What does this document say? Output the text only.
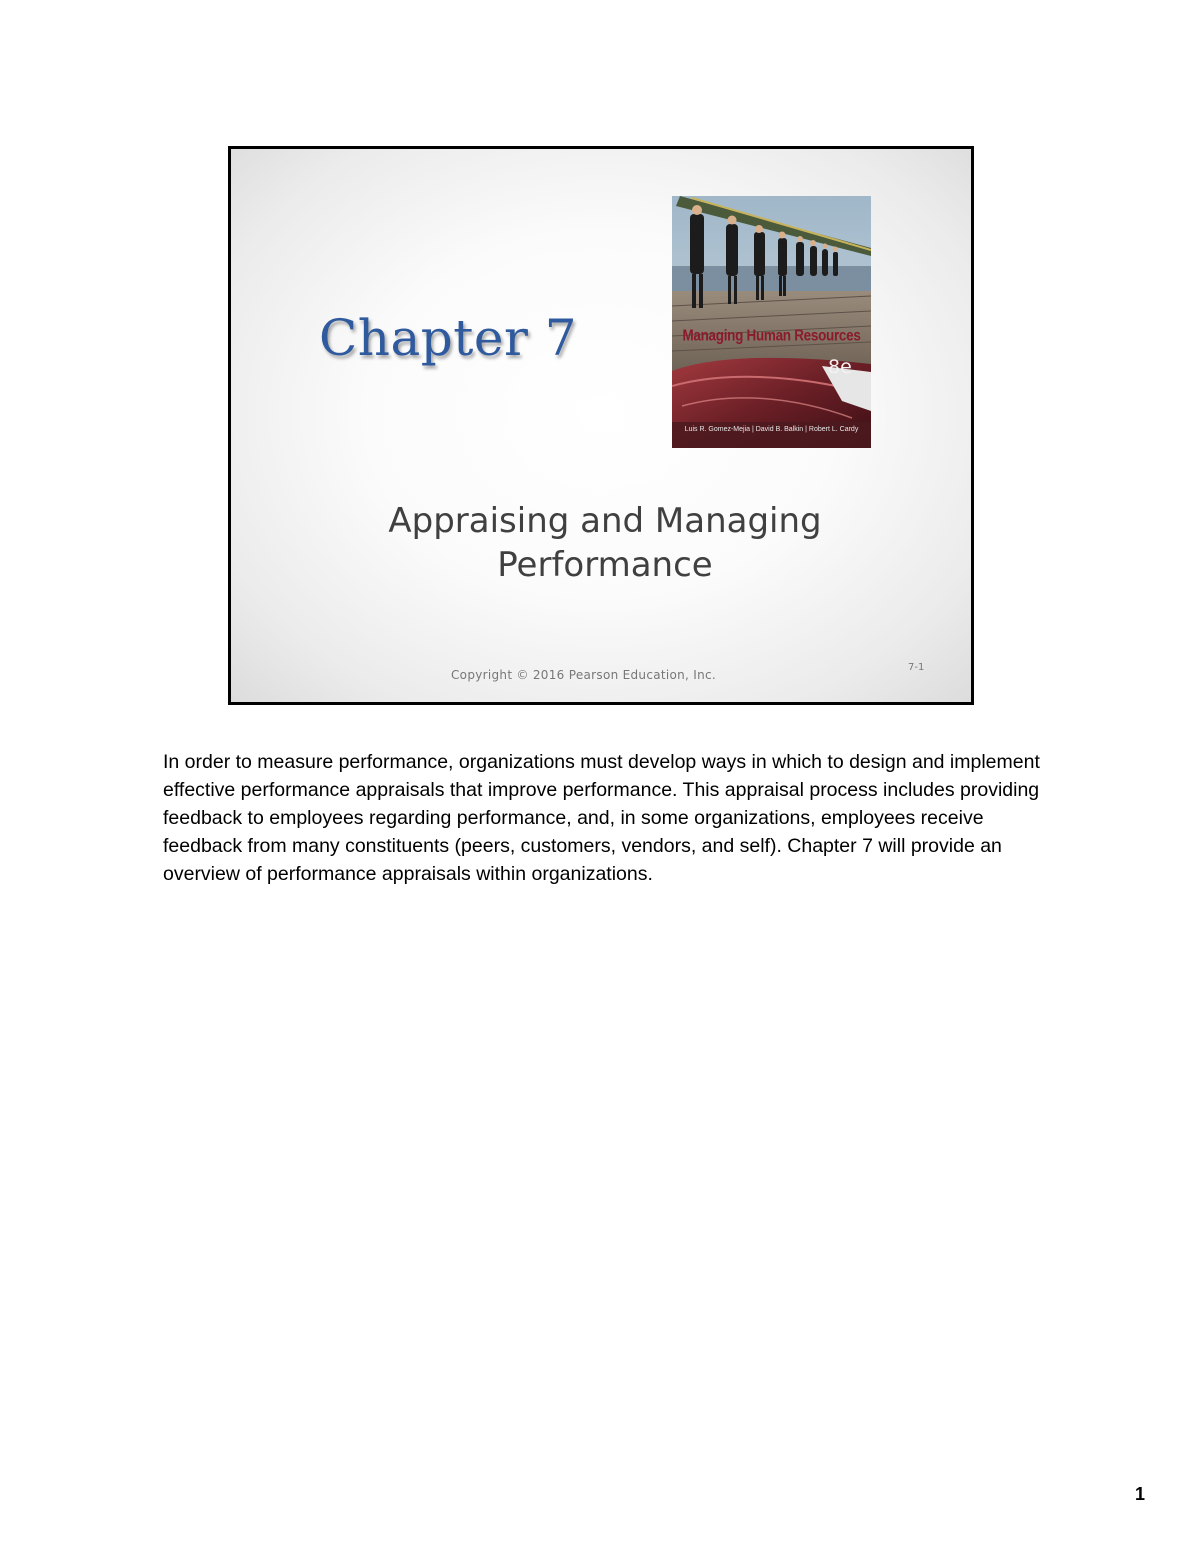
Chapter 7	Managing Human Resources
8e
Luis R. Gomez-Mejia | David B. Balkin | Robert L. Cardy
Appraising and Managing
Performance
Copyright © 2016 Pearson Education, Inc.
7-1

In order to measure performance, organizations must develop ways in which to design and implement effective performance appraisals that improve performance. This appraisal process includes providing feedback to employees regarding performance, and, in some organizations, employees receive feedback from many constituents (peers, customers, vendors, and self). Chapter 7 will provide an overview of performance appraisals within organizations.

1
